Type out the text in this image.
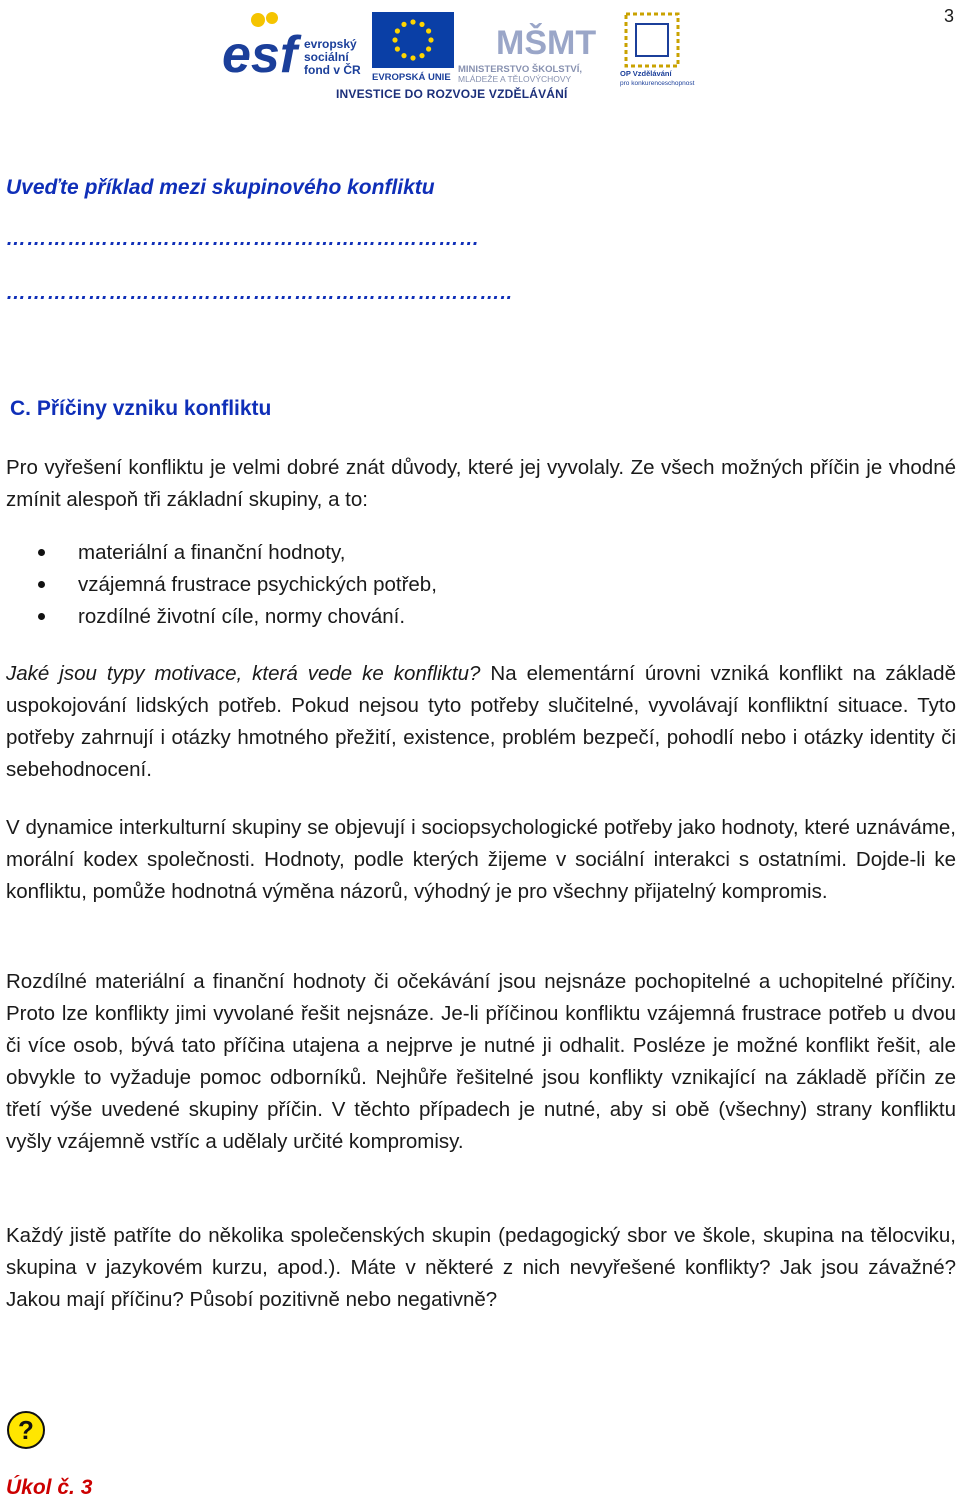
3
esf evropský
sociální
fond v ČR
EVROPSKÁ UNIE
MŠMT
MINISTERSTVO ŠKOLSTVÍ,
MLÁDEŽE A TĚLOVÝCHOVY
OP Vzdělávání
pro konkurenceschopnost
INVESTICE DO ROZVOJE VZDĚLÁVÁNÍ
Uveďte příklad mezi skupinového konfliktu
……………………………………………………………
………………………………………………………………..
C. Příčiny vzniku konfliktu
Pro vyřešení konfliktu je velmi dobré znát důvody, které jej vyvolaly. Ze všech možných příčin je vhodné zmínit alespoň tři základní skupiny, a to:
materiální a finanční hodnoty,
vzájemná frustrace psychických potřeb,
rozdílné životní cíle, normy chování.
Jaké jsou typy motivace, která vede ke konfliktu? Na elementární úrovni vzniká konflikt na základě uspokojování lidských potřeb. Pokud nejsou tyto potřeby slučitelné, vyvolávají konfliktní situace. Tyto potřeby zahrnují i otázky hmotného přežití, existence, problém bezpečí, pohodlí nebo i otázky identity či sebehodnocení.
V dynamice interkulturní skupiny se objevují i sociopsychologické potřeby jako hodnoty, které uznáváme, morální kodex společnosti. Hodnoty, podle kterých žijeme v sociální interakci s ostatními. Dojde-li ke konfliktu, pomůže hodnotná výměna názorů, výhodný je pro všechny přijatelný kompromis.
Rozdílné materiální a finanční hodnoty či očekávání jsou nejsnáze pochopitelné a uchopitelné příčiny. Proto lze konflikty jimi vyvolané řešit nejsnáze. Je-li příčinou konfliktu vzájemná frustrace potřeb u dvou či více osob, bývá tato příčina utajena a nejprve je nutné ji odhalit. Posléze je možné konflikt řešit, ale obvykle to vyžaduje pomoc odborníků. Nejhůře řešitelné jsou konflikty vznikající na základě příčin ze třetí výše uvedené skupiny příčin. V těchto případech je nutné, aby si obě (všechny) strany konfliktu vyšly vzájemně vstříc a udělaly určité kompromisy.
Každý jistě patříte do několika společenských skupin (pedagogický sbor ve škole, skupina na tělocviku, skupina v jazykovém kurzu, apod.). Máte v některé z nich nevyřešené konflikty? Jak jsou závažné? Jakou mají příčinu? Působí pozitivně nebo negativně?
?
Úkol č. 3
